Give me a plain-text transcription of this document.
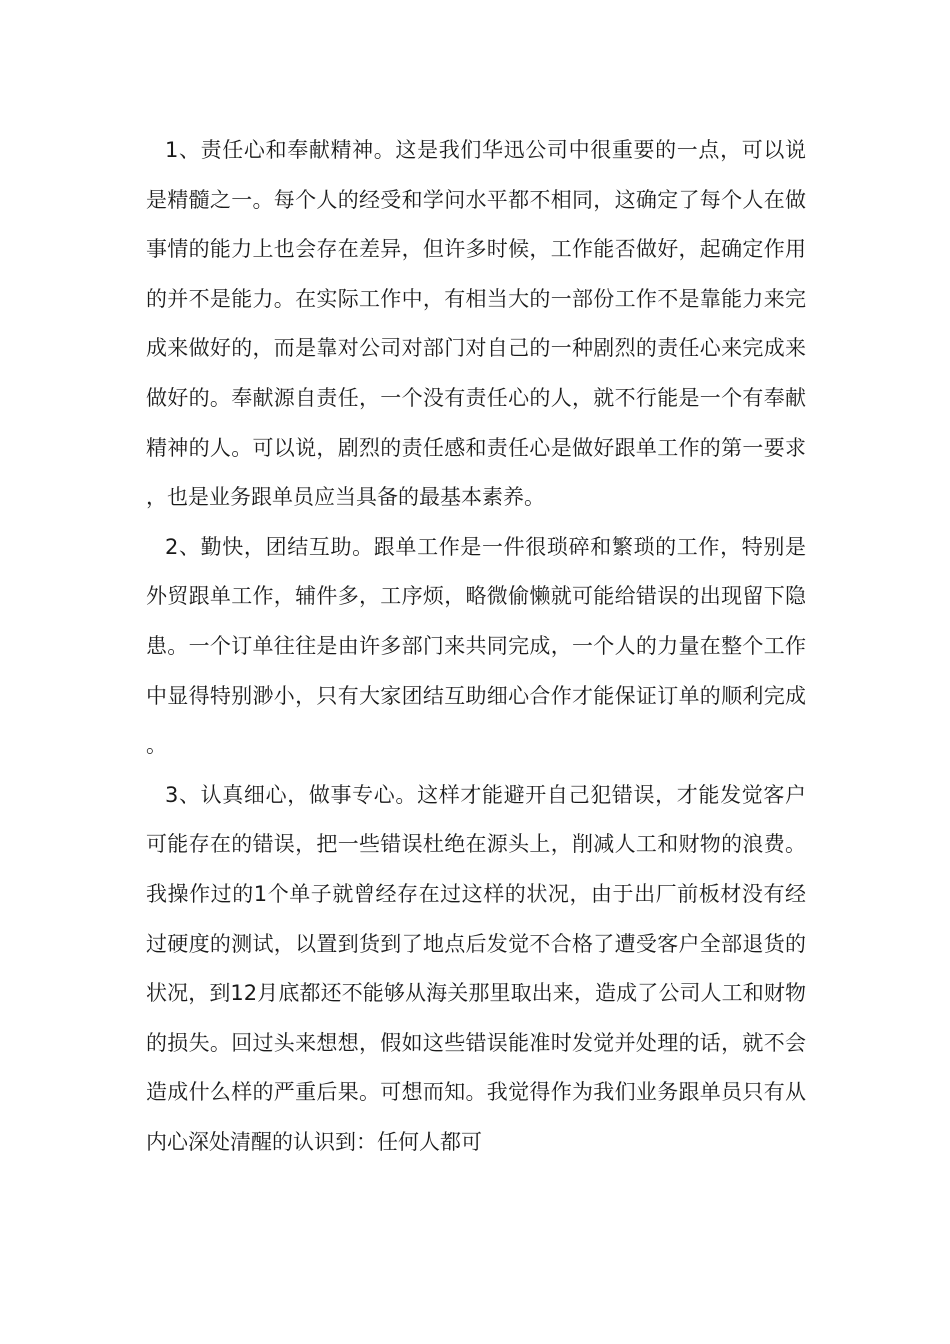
1、责任心和奉献精神。这是我们华迅公司中很重要的一点，可以说是精髓之一。每个人的经受和学问水平都不相同，这确定了每个人在做事情的能力上也会存在差异，但许多时候，工作能否做好，起确定作用的并不是能力。在实际工作中，有相当大的一部份工作不是靠能力来完成来做好的，而是靠对公司对部门对自己的一种剧烈的责任心来完成来做好的。奉献源自责任，一个没有责任心的人，就不行能是一个有奉献精神的人。可以说，剧烈的责任感和责任心是做好跟单工作的第一要求，也是业务跟单员应当具备的最基本素养。

2、勤快，团结互助。跟单工作是一件很琐碎和繁琐的工作，特别是外贸跟单工作，辅件多，工序烦，略微偷懒就可能给错误的出现留下隐患。一个订单往往是由许多部门来共同完成，一个人的力量在整个工作中显得特别渺小，只有大家团结互助细心合作才能保证订单的顺利完成。

3、认真细心，做事专心。这样才能避开自己犯错误，才能发觉客户可能存在的错误，把一些错误杜绝在源头上，削减人工和财物的浪费。我操作过的1个单子就曾经存在过这样的状况，由于出厂前板材没有经过硬度的测试，以置到货到了地点后发觉不合格了遭受客户全部退货的状况，到12月底都还不能够从海关那里取出来，造成了公司人工和财物的损失。回过头来想想，假如这些错误能准时发觉并处理的话，就不会造成什么样的严重后果。可想而知。我觉得作为我们业务跟单员只有从内心深处清醒的认识到：任何人都可
